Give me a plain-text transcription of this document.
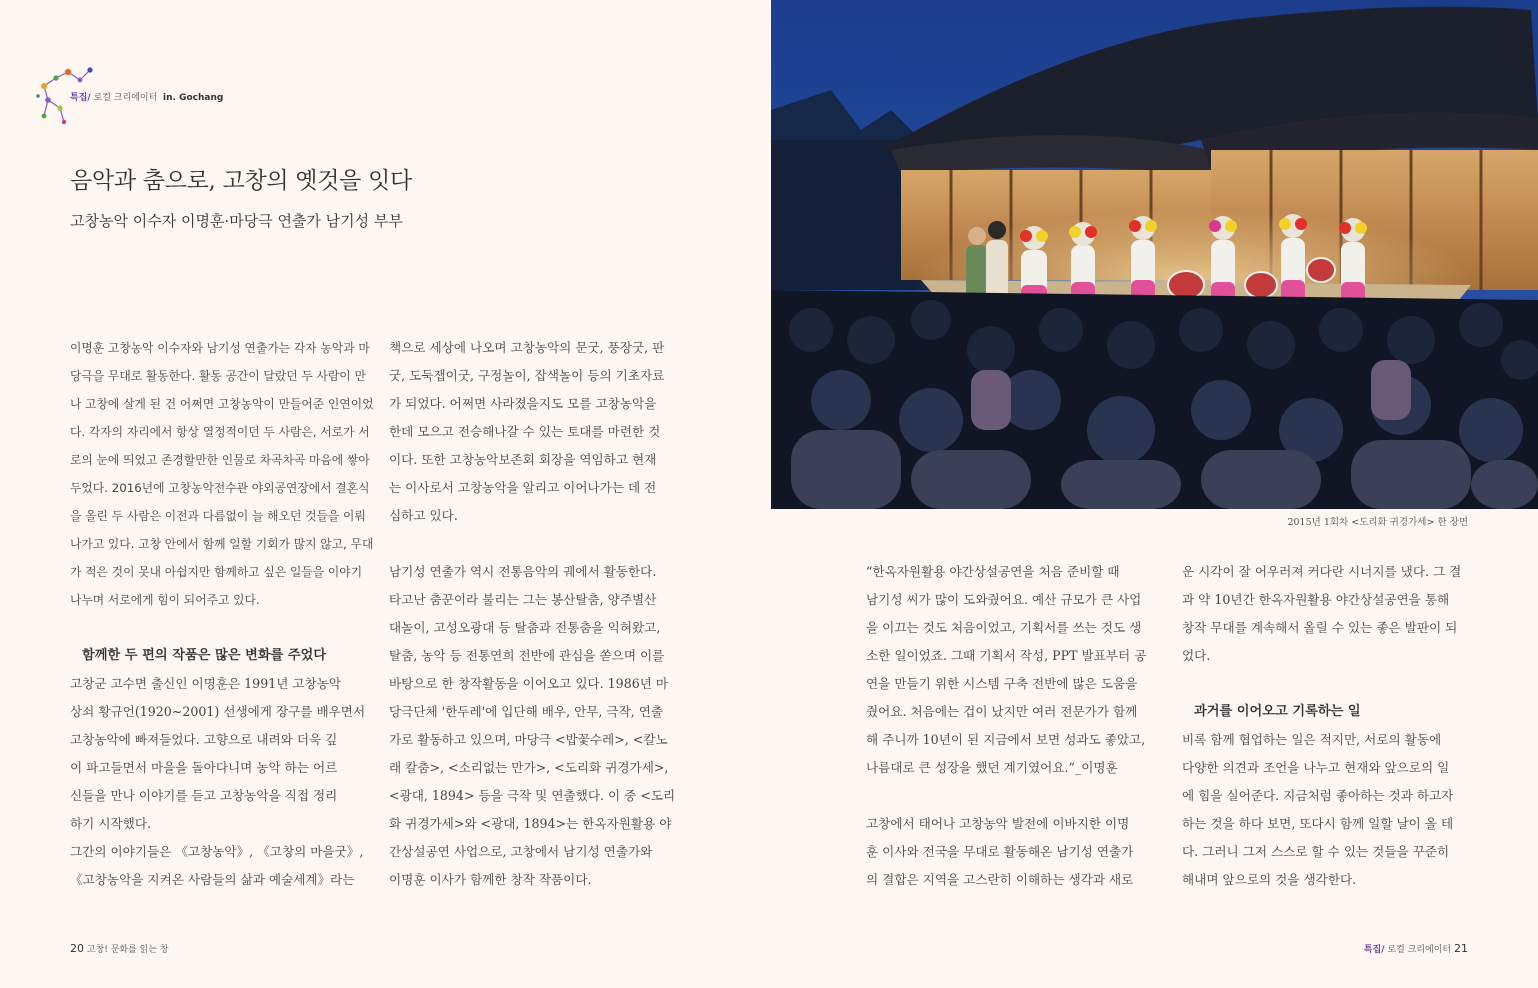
특집/ 로컬 크리에이터 in. Gochang
음악과 춤으로, 고창의 옛것을 잇다
고창농악 이수자 이명훈·마당극 연출가 남기성 부부

이명훈 고창농악 이수자와 남기성 연출가는 각자 농악과 마

당극을 무대로 활동한다. 활동 공간이 달랐던 두 사람이 만

나 고창에 살게 된 건 어쩌면 고창농악이 만들어준 인연이었

다. 각자의 자리에서 항상 열정적이던 두 사람은, 서로가 서

로의 눈에 띄었고 존경할만한 인물로 차곡차곡 마음에 쌓아

두었다. 2016년에 고창농악전수관 야외공연장에서 결혼식

을 올린 두 사람은 이전과 다름없이 늘 해오던 것들을 이뤄

나가고 있다. 고창 안에서 함께 일할 기회가 많지 않고, 무대

가 적은 것이 못내 아쉽지만 함께하고 싶은 일들을 이야기

나누며 서로에게 힘이 되어주고 있다.

함께한 두 편의 작품은 많은 변화를 주었다

고창군 고수면 출신인 이명훈은 1991년 고창농악

상쇠 황규언(1920~2001) 선생에게 장구를 배우면서

고창농악에 빠져들었다. 고향으로 내려와 더욱 깊

이 파고들면서 마을을 돌아다니며 농악 하는 어르

신들을 만나 이야기를 듣고 고창농악을 직접 정리

하기 시작했다.

그간의 이야기들은 《고창농악》, 《고창의 마을굿》,

《고창농악을 지켜온 사람들의 삶과 예술세계》라는

책으로 세상에 나오며 고창농악의 문굿, 풍장굿, 판

굿, 도둑잽이굿, 구정놀이, 잡색놀이 등의 기초자료

가 되었다. 어쩌면 사라졌을지도 모를 고창농악을

한데 모으고 전승해나갈 수 있는 토대를 마련한 것

이다. 또한 고창농악보존회 회장을 역임하고 현재

는 이사로서 고창농악을 알리고 이어나가는 데 전

심하고 있다.

남기성 연출가 역시 전통음악의 궤에서 활동한다.

타고난 춤꾼이라 불리는 그는 봉산탈춤, 양주별산

대놀이, 고성오광대 등 탈춤과 전통춤을 익혀왔고,

탈춤, 농악 등 전통연희 전반에 관심을 쏟으며 이를

바탕으로 한 창작활동을 이어오고 있다. 1986년 마

당극단체 '한두레'에 입단해 배우, 안무, 극작, 연출

가로 활동하고 있으며, 마당극 <밥꽃수레>, <칼노

래 칼춤>, <소리없는 만가>, <도리화 귀경가세>,

<광대, 1894> 등을 극작 및 연출했다. 이 중 <도리

화 귀경가세>와 <광대, 1894>는 한옥자원활용 야

간상설공연 사업으로, 고창에서 남기성 연출가와

이명훈 이사가 함께한 창작 작품이다.

20 고창! 문화를 읽는 창
2015년 1회차 <도리화 귀경가세> 한 장면

“한옥자원활용 야간상설공연을 처음 준비할 때

남기성 씨가 많이 도와줬어요. 예산 규모가 큰 사업

을 이끄는 것도 처음이었고, 기획서를 쓰는 것도 생

소한 일이었죠. 그때 기획서 작성, PPT 발표부터 공

연을 만들기 위한 시스템 구축 전반에 많은 도움을

줬어요. 처음에는 겁이 났지만 여러 전문가가 함께

해 주니까 10년이 된 지금에서 보면 성과도 좋았고,

나름대로 큰 성장을 했던 계기였어요.”_이명훈

고창에서 태어나 고창농악 발전에 이바지한 이명

훈 이사와 전국을 무대로 활동해온 남기성 연출가

의 결합은 지역을 고스란히 이해하는 생각과 새로

운 시각이 잘 어우러져 커다란 시너지를 냈다. 그 결

과 약 10년간 한옥자원활용 야간상설공연을 통해

창작 무대를 계속해서 올릴 수 있는 좋은 발판이 되

었다.

과거를 이어오고 기록하는 일

비록 함께 협업하는 일은 적지만, 서로의 활동에

다양한 의견과 조언을 나누고 현재와 앞으로의 일

에 힘을 실어준다. 지금처럼 좋아하는 것과 하고자

하는 것을 하다 보면, 또다시 함께 일할 날이 올 테

다. 그러니 그저 스스로 할 수 있는 것들을 꾸준히

해내며 앞으로의 것을 생각한다.

특집/ 로컬 크리에이터 21
